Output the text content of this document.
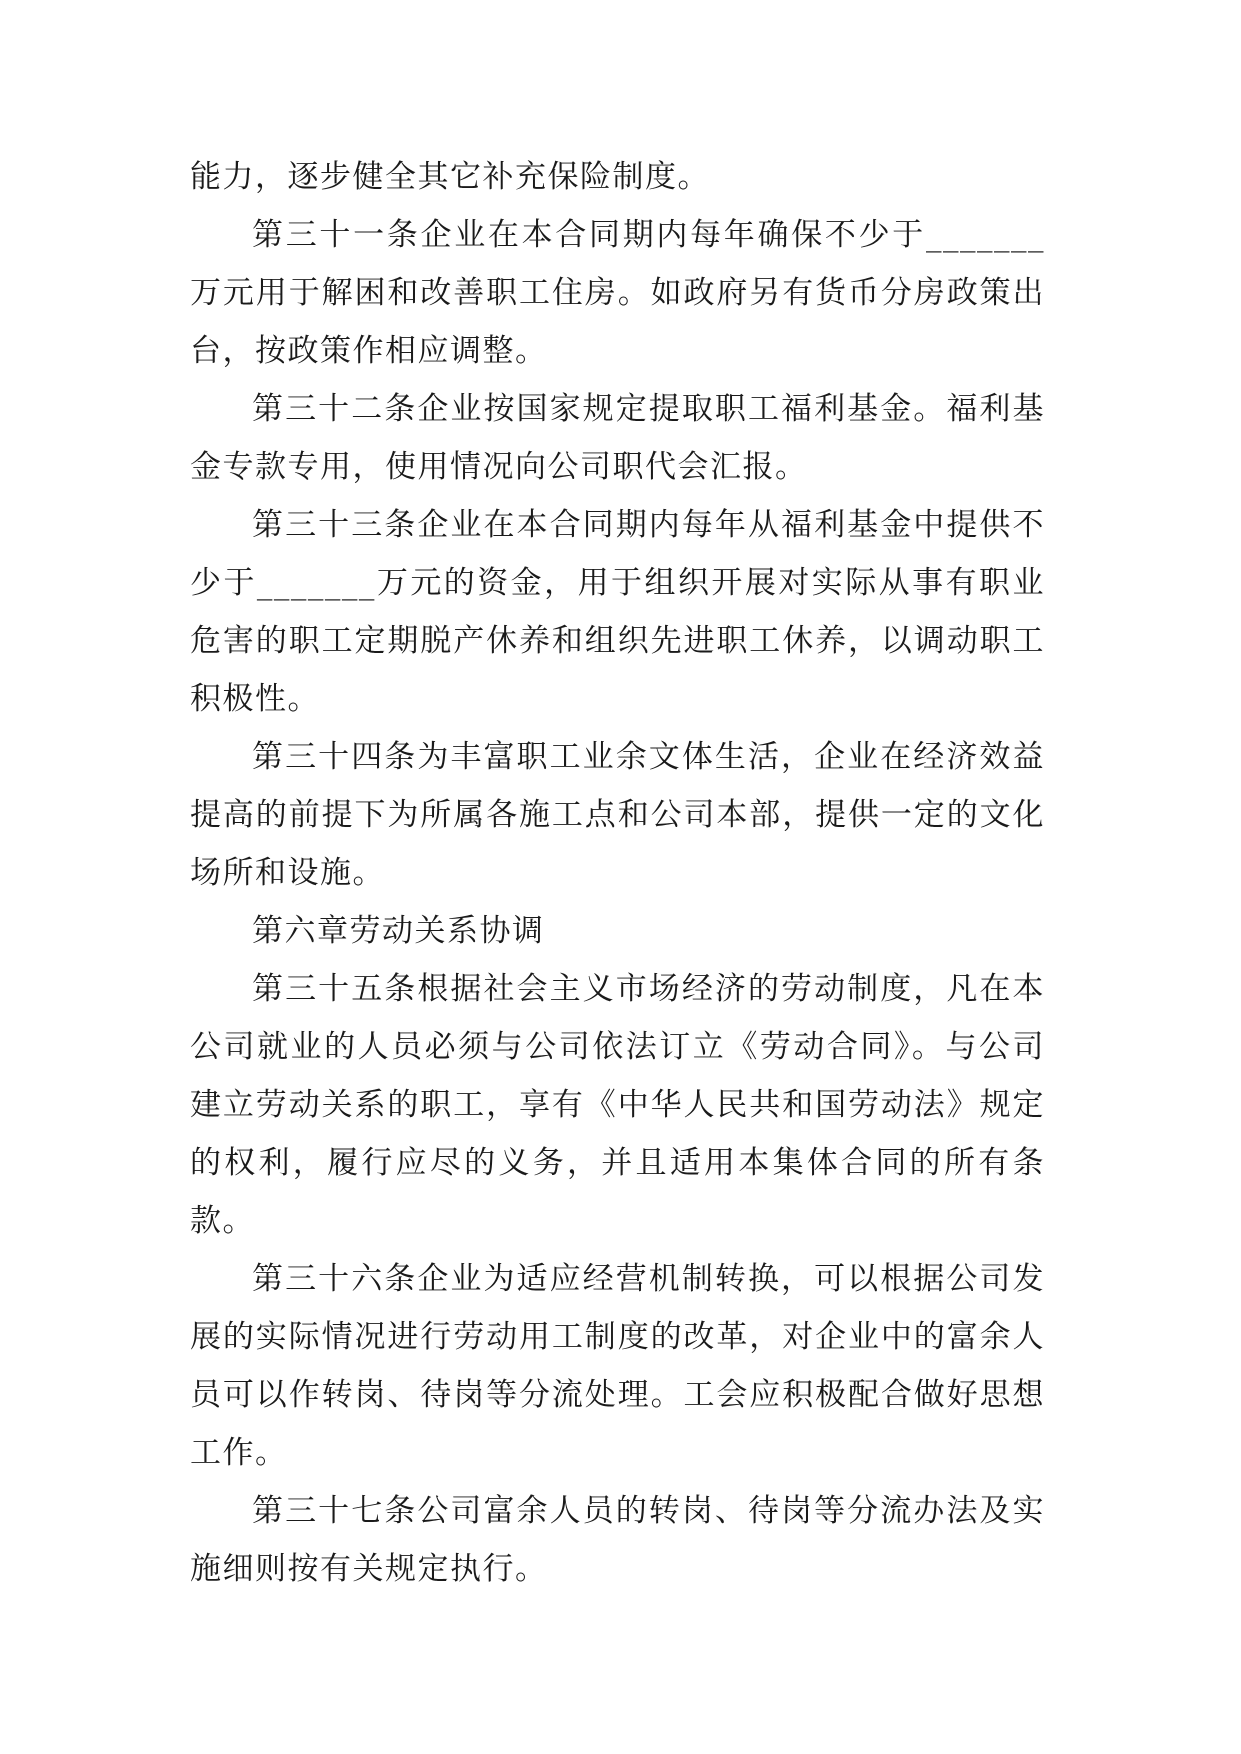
能力，逐步健全其它补充保险制度。

第三十一条企业在本合同期内每年确保不少于_______万元用于解困和改善职工住房。如政府另有货币分房政策出台，按政策作相应调整。

第三十二条企业按国家规定提取职工福利基金。福利基金专款专用，使用情况向公司职代会汇报。

第三十三条企业在本合同期内每年从福利基金中提供不少于_______万元的资金，用于组织开展对实际从事有职业危害的职工定期脱产休养和组织先进职工休养，以调动职工积极性。

第三十四条为丰富职工业余文体生活，企业在经济效益提高的前提下为所属各施工点和公司本部，提供一定的文化场所和设施。

第六章劳动关系协调

第三十五条根据社会主义市场经济的劳动制度，凡在本公司就业的人员必须与公司依法订立《劳动合同》。与公司建立劳动关系的职工，享有《中华人民共和国劳动法》规定的权利，履行应尽的义务，并且适用本集体合同的所有条款。

第三十六条企业为适应经营机制转换，可以根据公司发展的实际情况进行劳动用工制度的改革，对企业中的富余人员可以作转岗、待岗等分流处理。工会应积极配合做好思想工作。

第三十七条公司富余人员的转岗、待岗等分流办法及实施细则按有关规定执行。
